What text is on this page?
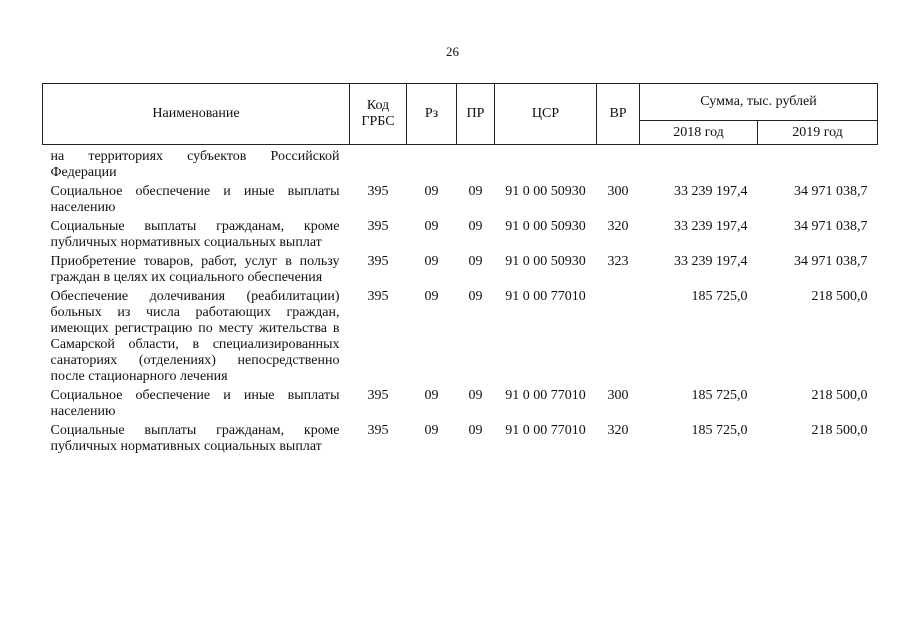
26
Наименование	Код ГРБС	Рз	ПР	ЦСР	ВР	Сумма, тыс. рублей	
						2018 год	2019 год
на территориях субъектов Российской Федерации							
Социальное обеспечение и иные выплаты населению	395	09	09	91 0 00 50930	300	33 239 197,4	34 971 038,7
Социальные выплаты гражданам, кроме публичных нормативных социальных выплат	395	09	09	91 0 00 50930	320	33 239 197,4	34 971 038,7
Приобретение товаров, работ, услуг в пользу граждан в целях их социального обеспечения	395	09	09	91 0 00 50930	323	33 239 197,4	34 971 038,7
Обеспечение долечивания (реабилитации) больных из числа работающих граждан, имеющих регистрацию по месту жительства в Самарской области, в специализированных санаториях (отделениях) непосредственно после стационарного лечения	395	09	09	91 0 00 77010		185 725,0	218 500,0
Социальное обеспечение и иные выплаты населению	395	09	09	91 0 00 77010	300	185 725,0	218 500,0
Социальные выплаты гражданам, кроме публичных нормативных социальных выплат	395	09	09	91 0 00 77010	320	185 725,0	218 500,0
